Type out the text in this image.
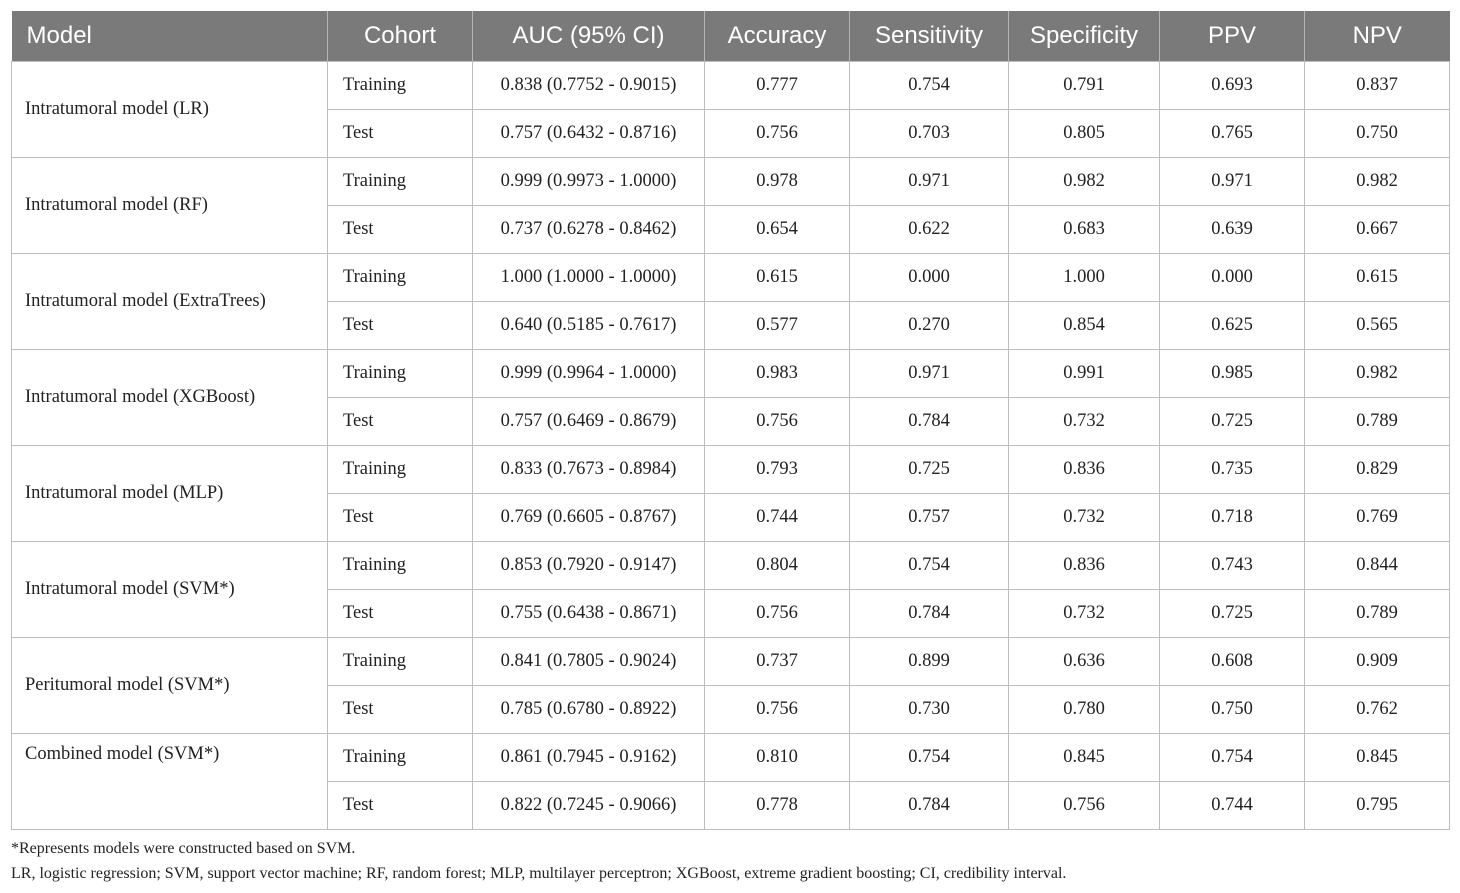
Model	Cohort	AUC (95% CI)	Accuracy	Sensitivity	Specificity	PPV	NPV
Intratumoral model (LR)	Training	0.838 (0.7752 - 0.9015)	0.777	0.754	0.791	0.693	0.837
	Test	0.757 (0.6432 - 0.8716)	0.756	0.703	0.805	0.765	0.750
Intratumoral model (RF)	Training	0.999 (0.9973 - 1.0000)	0.978	0.971	0.982	0.971	0.982
	Test	0.737 (0.6278 - 0.8462)	0.654	0.622	0.683	0.639	0.667
Intratumoral model (ExtraTrees)	Training	1.000 (1.0000 - 1.0000)	0.615	0.000	1.000	0.000	0.615
	Test	0.640 (0.5185 - 0.7617)	0.577	0.270	0.854	0.625	0.565
Intratumoral model (XGBoost)	Training	0.999 (0.9964 - 1.0000)	0.983	0.971	0.991	0.985	0.982
	Test	0.757 (0.6469 - 0.8679)	0.756	0.784	0.732	0.725	0.789
Intratumoral model (MLP)	Training	0.833 (0.7673 - 0.8984)	0.793	0.725	0.836	0.735	0.829
	Test	0.769 (0.6605 - 0.8767)	0.744	0.757	0.732	0.718	0.769
Intratumoral model (SVM*)	Training	0.853 (0.7920 - 0.9147)	0.804	0.754	0.836	0.743	0.844
	Test	0.755 (0.6438 - 0.8671)	0.756	0.784	0.732	0.725	0.789
Peritumoral model (SVM*)	Training	0.841 (0.7805 - 0.9024)	0.737	0.899	0.636	0.608	0.909
	Test	0.785 (0.6780 - 0.8922)	0.756	0.730	0.780	0.750	0.762
Combined model (SVM*)	Training	0.861 (0.7945 - 0.9162)	0.810	0.754	0.845	0.754	0.845
	Test	0.822 (0.7245 - 0.9066)	0.778	0.784	0.756	0.744	0.795

*Represents models were constructed based on SVM.

LR, logistic regression; SVM, support vector machine; RF, random forest; MLP, multilayer perceptron; XGBoost, extreme gradient boosting; CI, credibility interval.
